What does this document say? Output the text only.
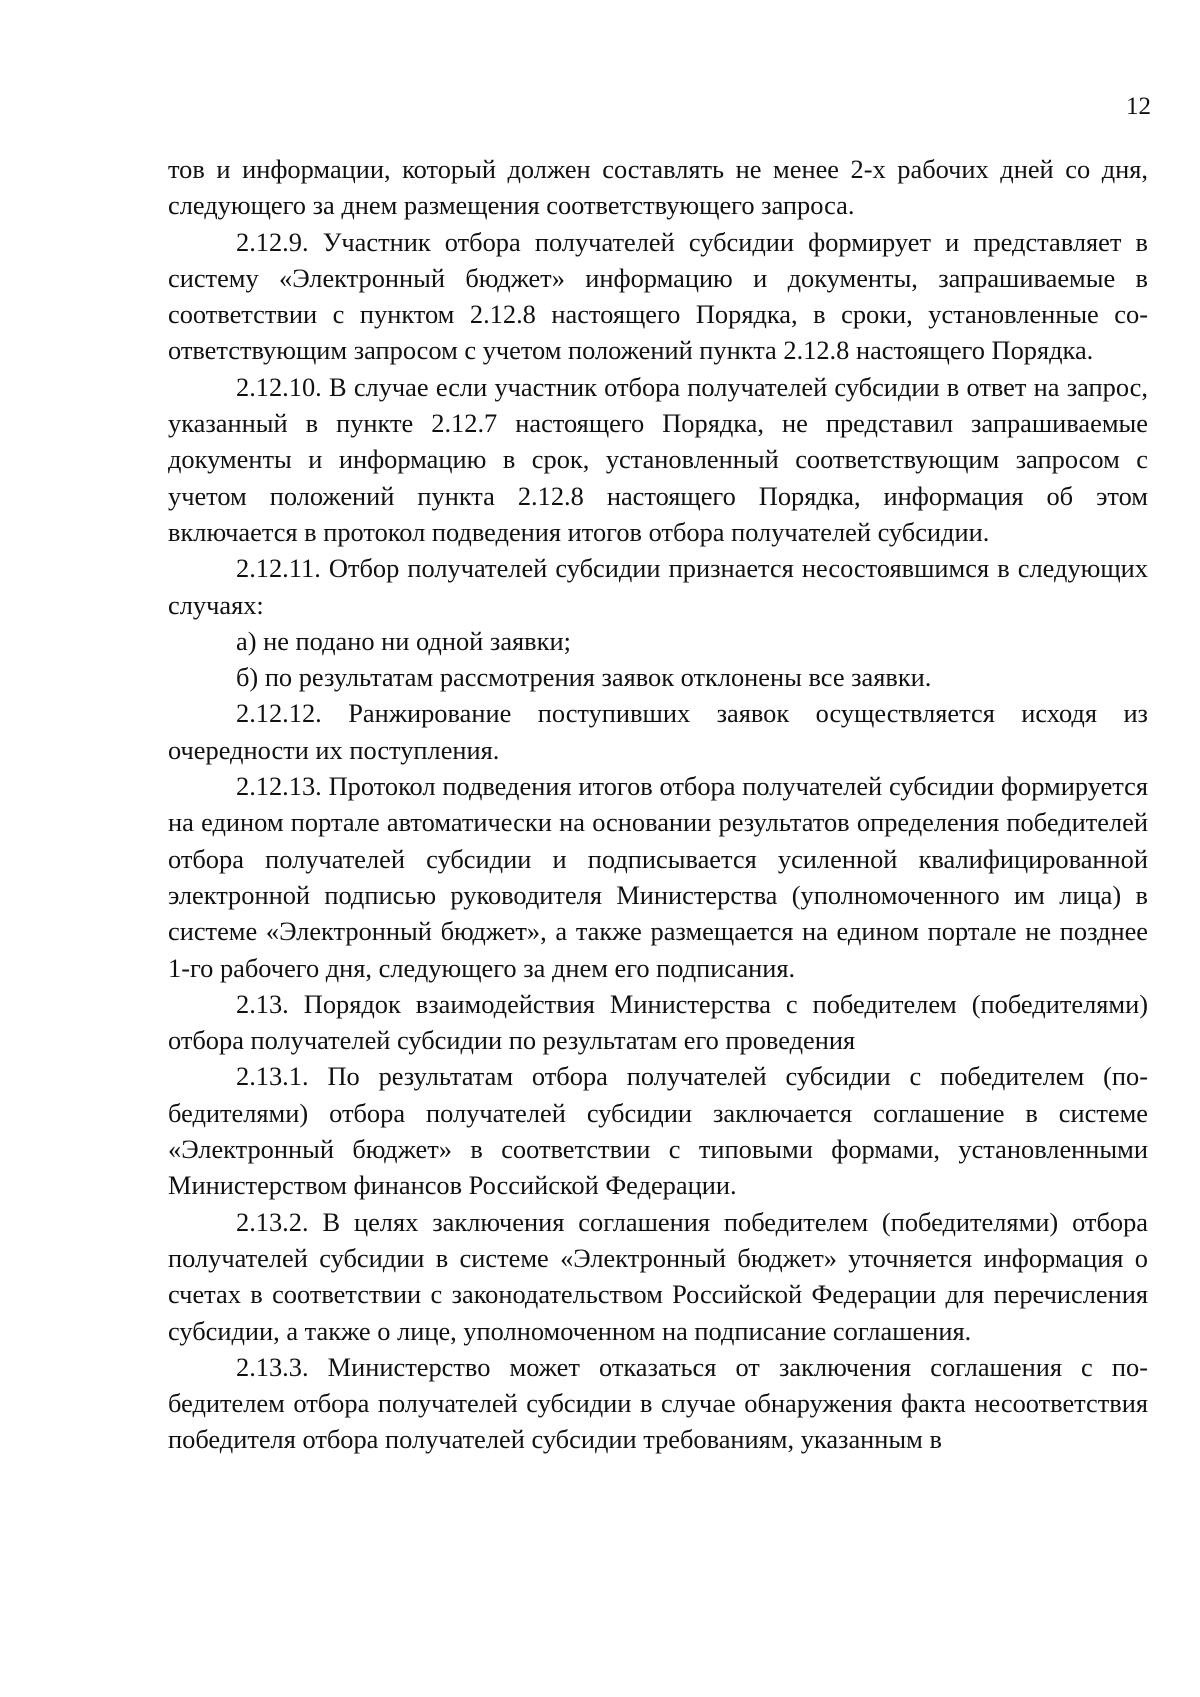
12

тов и информации, который должен составлять не менее 2-х рабочих дней со дня, следующего за днем размещения соответствующего запроса.

2.12.9. Участник отбора получателей субсидии формирует и представляет в систему «Электронный бюджет» информацию и документы, запрашиваемые в соответствии с пунктом 2.12.8 настоящего Порядка, в сроки, установленные соответствующим запросом с учетом положений пункта 2.12.8 настоящего Порядка.

2.12.10. В случае если участник отбора получателей субсидии в ответ на запрос, указанный в пункте 2.12.7 настоящего Порядка, не представил запрашиваемые документы и информацию в срок, установленный соответствующим запросом с учетом положений пункта 2.12.8 настоящего Порядка, информация об этом включается в протокол подведения итогов отбора получателей субсидии.

2.12.11. Отбор получателей субсидии признается несостоявшимся в следующих случаях:

а) не подано ни одной заявки;

б) по результатам рассмотрения заявок отклонены все заявки.

2.12.12. Ранжирование поступивших заявок осуществляется исходя из очередности их поступления.

2.12.13. Протокол подведения итогов отбора получателей субсидии формируется на едином портале автоматически на основании результатов определения победителей отбора получателей субсидии и подписывается усиленной квалифицированной электронной подписью руководителя Министерства (уполномоченного им лица) в системе «Электронный бюджет», а также размещается на едином портале не позднее 1-го рабочего дня, следующего за днем его подписания.

2.13. Порядок взаимодействия Министерства с победителем (победителями) отбора получателей субсидии по результатам его проведения

2.13.1. По результатам отбора получателей субсидии с победителем (победителями) отбора получателей субсидии заключается соглашение в системе «Электронный бюджет» в соответствии с типовыми формами, установленными Министерством финансов Российской Федерации.

2.13.2. В целях заключения соглашения победителем (победителями) отбора получателей субсидии в системе «Электронный бюджет» уточняется информация о счетах в соответствии с законодательством Российской Федерации для перечисления субсидии, а также о лице, уполномоченном на подписание соглашения.

2.13.3. Министерство может отказаться от заключения соглашения с победителем отбора получателей субсидии в случае обнаружения факта несоответствия победителя отбора получателей субсидии требованиям, указанным в
